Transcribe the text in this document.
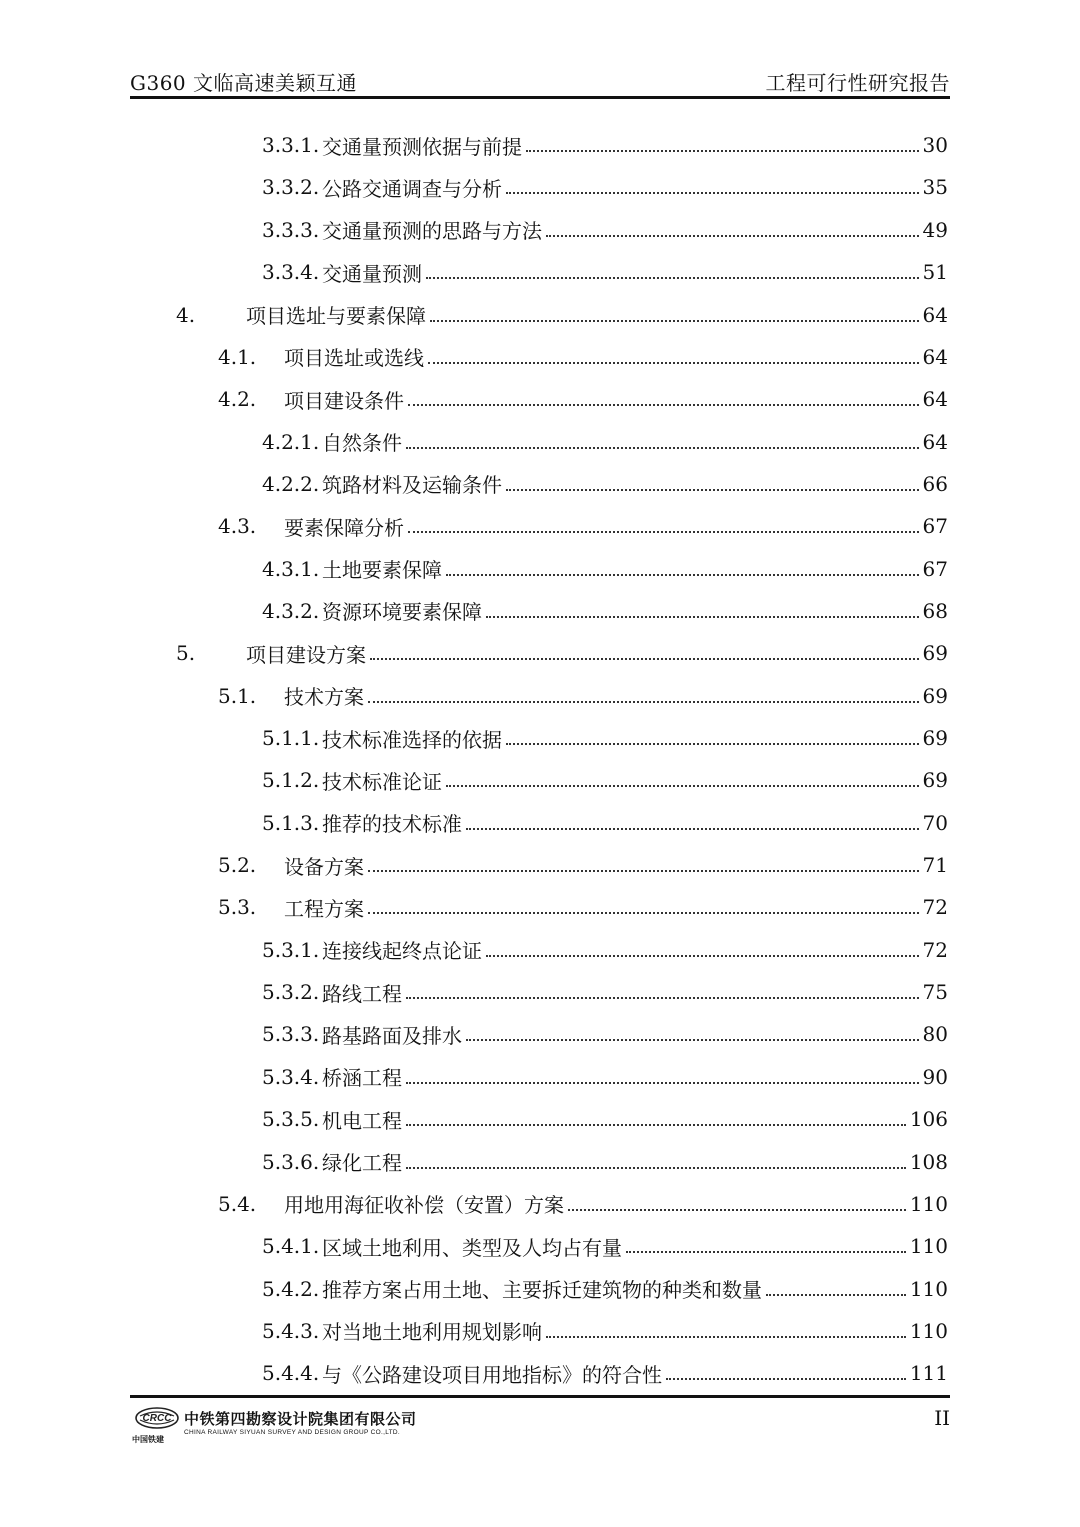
G360 文临高速美颖互通	工程可行性研究报告
3.3.1. 交通量预测依据与前提	30
3.3.2. 公路交通调查与分析	35
3.3.3. 交通量预测的思路与方法	49
3.3.4. 交通量预测	51
4.	项目选址与要素保障	64
4.1.	项目选址或选线	64
4.2.	项目建设条件	64
4.2.1. 自然条件	64
4.2.2. 筑路材料及运输条件	66
4.3.	要素保障分析	67
4.3.1. 土地要素保障	67
4.3.2. 资源环境要素保障	68
5.	项目建设方案	69
5.1.	技术方案	69
5.1.1. 技术标准选择的依据	69
5.1.2. 技术标准论证	69
5.1.3. 推荐的技术标准	70
5.2.	设备方案	71
5.3.	工程方案	72
5.3.1. 连接线起终点论证	72
5.3.2. 路线工程	75
5.3.3. 路基路面及排水	80
5.3.4. 桥涵工程	90
5.3.5. 机电工程	106
5.3.6. 绿化工程	108
5.4.	用地用海征收补偿（安置）方案	110
5.4.1. 区域土地利用、类型及人均占有量	110
5.4.2. 推荐方案占用土地、主要拆迁建筑物的种类和数量	110
5.4.3. 对当地土地利用规划影响	110
5.4.4. 与《公路建设项目用地指标》的符合性	111
CRCC
中国铁建
中铁第四勘察设计院集团有限公司
CHINA RAILWAY SIYUAN SURVEY AND DESIGN GROUP CO.,LTD.
II
